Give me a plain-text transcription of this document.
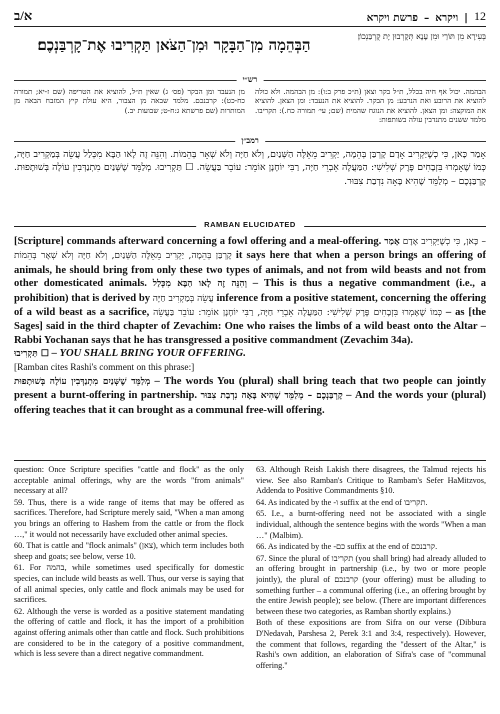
א/ב	12
|
ויקרא
–
פרשת ויקרא
הַבְּהֵמָה מִן־הַבָּקָר וּמִן־הַצֹּאן תַּקְרִיבוּ אֶת־קָרְבַּנְכֶם׃	בְּעִירָא מִן תּוֹרֵי וּמִן עָנָא תְּקָרְבוּן יָת קֻרְבַּנְכוֹן׃
רש״י
מן הנעבד ומן הבקר (פס׳ ג) שאין ת״ל, להוציא את הטריפה (שם ז-יא; תמורה כח-כט): קרבנכם. מלמד שבאה מן הצבור, היא עולת קיץ המזבח הבאה מן המותרות (שם פרשתא ג:ח-ט; שבועות יב.)
הבהמה. יכול אף חיה בכלל, ת״ל בקר וצאן (ת״כ פרק ב:ו): מן הבהמה. ולא כולה להוציא את הרובע ואת הנרבע: מן הבקר. להוציא את הנעבד: ומן הצאן. להוציא את המוקצה: ומן הצאן. להוציא את הנוגח שהמית (שם; עי׳ תמורה כח.): תקריבו. מלמד ששנים מתנדבין עולה בשותפות:
רמב״ן
אָמַר כָּאן, כִּי כְשֶׁיַּקְרִיב אָדָם קָרְבַּן בְּהֵמָה, יַקְרִיב מֵאֵלֶּה הַשְּׁנַיִם, וְלֹא חַיָּה וְלֹא שְׁאָר בְּהֵמוֹת. וְהִנֵּה זֶה לָאו הַבָּא מִכְּלַל עֲשֵׂה בְּמַקְרִיב חַיָּה, כְּמוֹ שֶׁאָמְרוּ בִּזְבָחִים פֶּרֶק שְׁלִישִׁי: הַמַּעֲלֶה אֵבְרֵי חַיָּה, רַבִּי יוֹחָנָן אוֹמֵר: עוֹבֵר בַּעֲשֵׂה. ☐ תַּקְרִיבוּ. מְלַמֵּד שֶׁשְּׁנַיִם מִתְנַדְּבִין עוֹלָה בְּשׁוּתָפוּת. קָרְבַּנְכֶם – מְלַמֵּד שֶׁהִיא בָּאָה נִדְבַת צִבּוּר.
RAMBAN ELUCIDATED

[Scripture] commands afterward concerning a fowl offering and a meal-offering. אָמַר – כָּאן, כִּי כְשֶׁיַּקְרִיב אָדָם קָרְבַּן בְּהֵמָה, יַקְרִיב מֵאֵלֶּה הַשְּׁנַיִם, וְלֹא חַיָּה וְלֹא שְׁאָר בְּהֵמוֹת it says here that when a person brings an offering of animals, he should bring from only these two types of animals, and not from wild beasts and not from other domesticated animals. וְהִנֵּה זֶה לָאו הַבָּא מִכְּלַל – This is thus a negative commandment (i.e., a prohibition) that is derived by עֲשֵׂה בְּמַקְרִיב חַיָּה inference from a positive statement, concerning the offering of a wild beast as a sacrifice, כְּמוֹ שֶׁאָמְרוּ בִּזְבָחִים פֶּרֶק שְׁלִישִׁי: הַמַּעֲלֶה אֵבְרֵי חַיָּה, רַבִּי יוֹחָנָן אוֹמֵר: עוֹבֵר בַּעֲשֵׂה – as [the Sages] said in the third chapter of Zevachim: One who raises the limbs of a wild beast onto the Altar – Rabbi Yochanan says that he has transgressed a positive commandment (Zevachim 34a).

☐ תַּקְרִיבוּ – YOU SHALL BRING YOUR OFFERING.

[Ramban cites Rashi's comment on this phrase:]

מְלַמֵּד שֶׁשְּׁנַיִם מִתְנַדְּבִין עוֹלָה בְּשׁוּתָפוּת – The words You (plural) shall bring teach that two people can jointly present a burnt-offering in partnership. קָרְבַּנְכֶם – מְלַמֵּד שֶׁהִיא בָּאָה נִדְבַת צִבּוּר – And the words your (plural) offering teaches that it can brought as a communal free-will offering.

question: Once Scripture specifies "cattle and flock" as the only acceptable animal offerings, why are the words "from animals" necessary at all?

59. Thus, there is a wide range of items that may be offered as sacrifices. Therefore, had Scripture merely said, "When a man among you brings an offering to Hashem from the cattle or from the flock …," it would not necessarily have excluded other animal species.

60. That is cattle and "flock animals" (צאן), which term includes both sheep and goats; see below, verse 10.

61. For בהמה, while sometimes used specifically for domestic species, can include wild beasts as well. Thus, our verse is saying that of all animal species, only cattle and flock animals may be used for sacrifices.

62. Although the verse is worded as a positive statement mandating the offering of cattle and flock, it has the import of a prohibition against offering animals other than cattle and flock. Such prohibitions are considered to be in the category of a positive commandment, which is less severe than a direct negative commandment.

63. Although Reish Lakish there disagrees, the Talmud rejects his view. See also Ramban's Critique to Rambam's Sefer HaMitzvos, Addenda to Positive Commandments §10.

64. As indicated by the -ו suffix at the end of תקריבו.

65. I.e., a burnt-offering need not be associated with a single individual, although the sentence begins with the words "When a man …" (Malbim).

66. As indicated by the -כם suffix at the end of קרבנכם.

67. Since the plural of תקריבו (you shall bring) had already alluded to an offering brought in partnership (i.e., by two or more people jointly), the plural of קרבנכם (your offering) must be alluding to something further – a communal offering (i.e., an offering brought by the entire Jewish people); see below. (There are important differences between these two categories, as Ramban shortly explains.)

Both of these expositions are from Sifra on our verse (Dibbura D'Nedavah, Parshesa 2, Perek 3:1 and 3:4, respectively). However, the comment that follows, regarding the "dessert of the Altar," is Rashi's own addition, an elaboration of Sifra's case of "communal offering."
